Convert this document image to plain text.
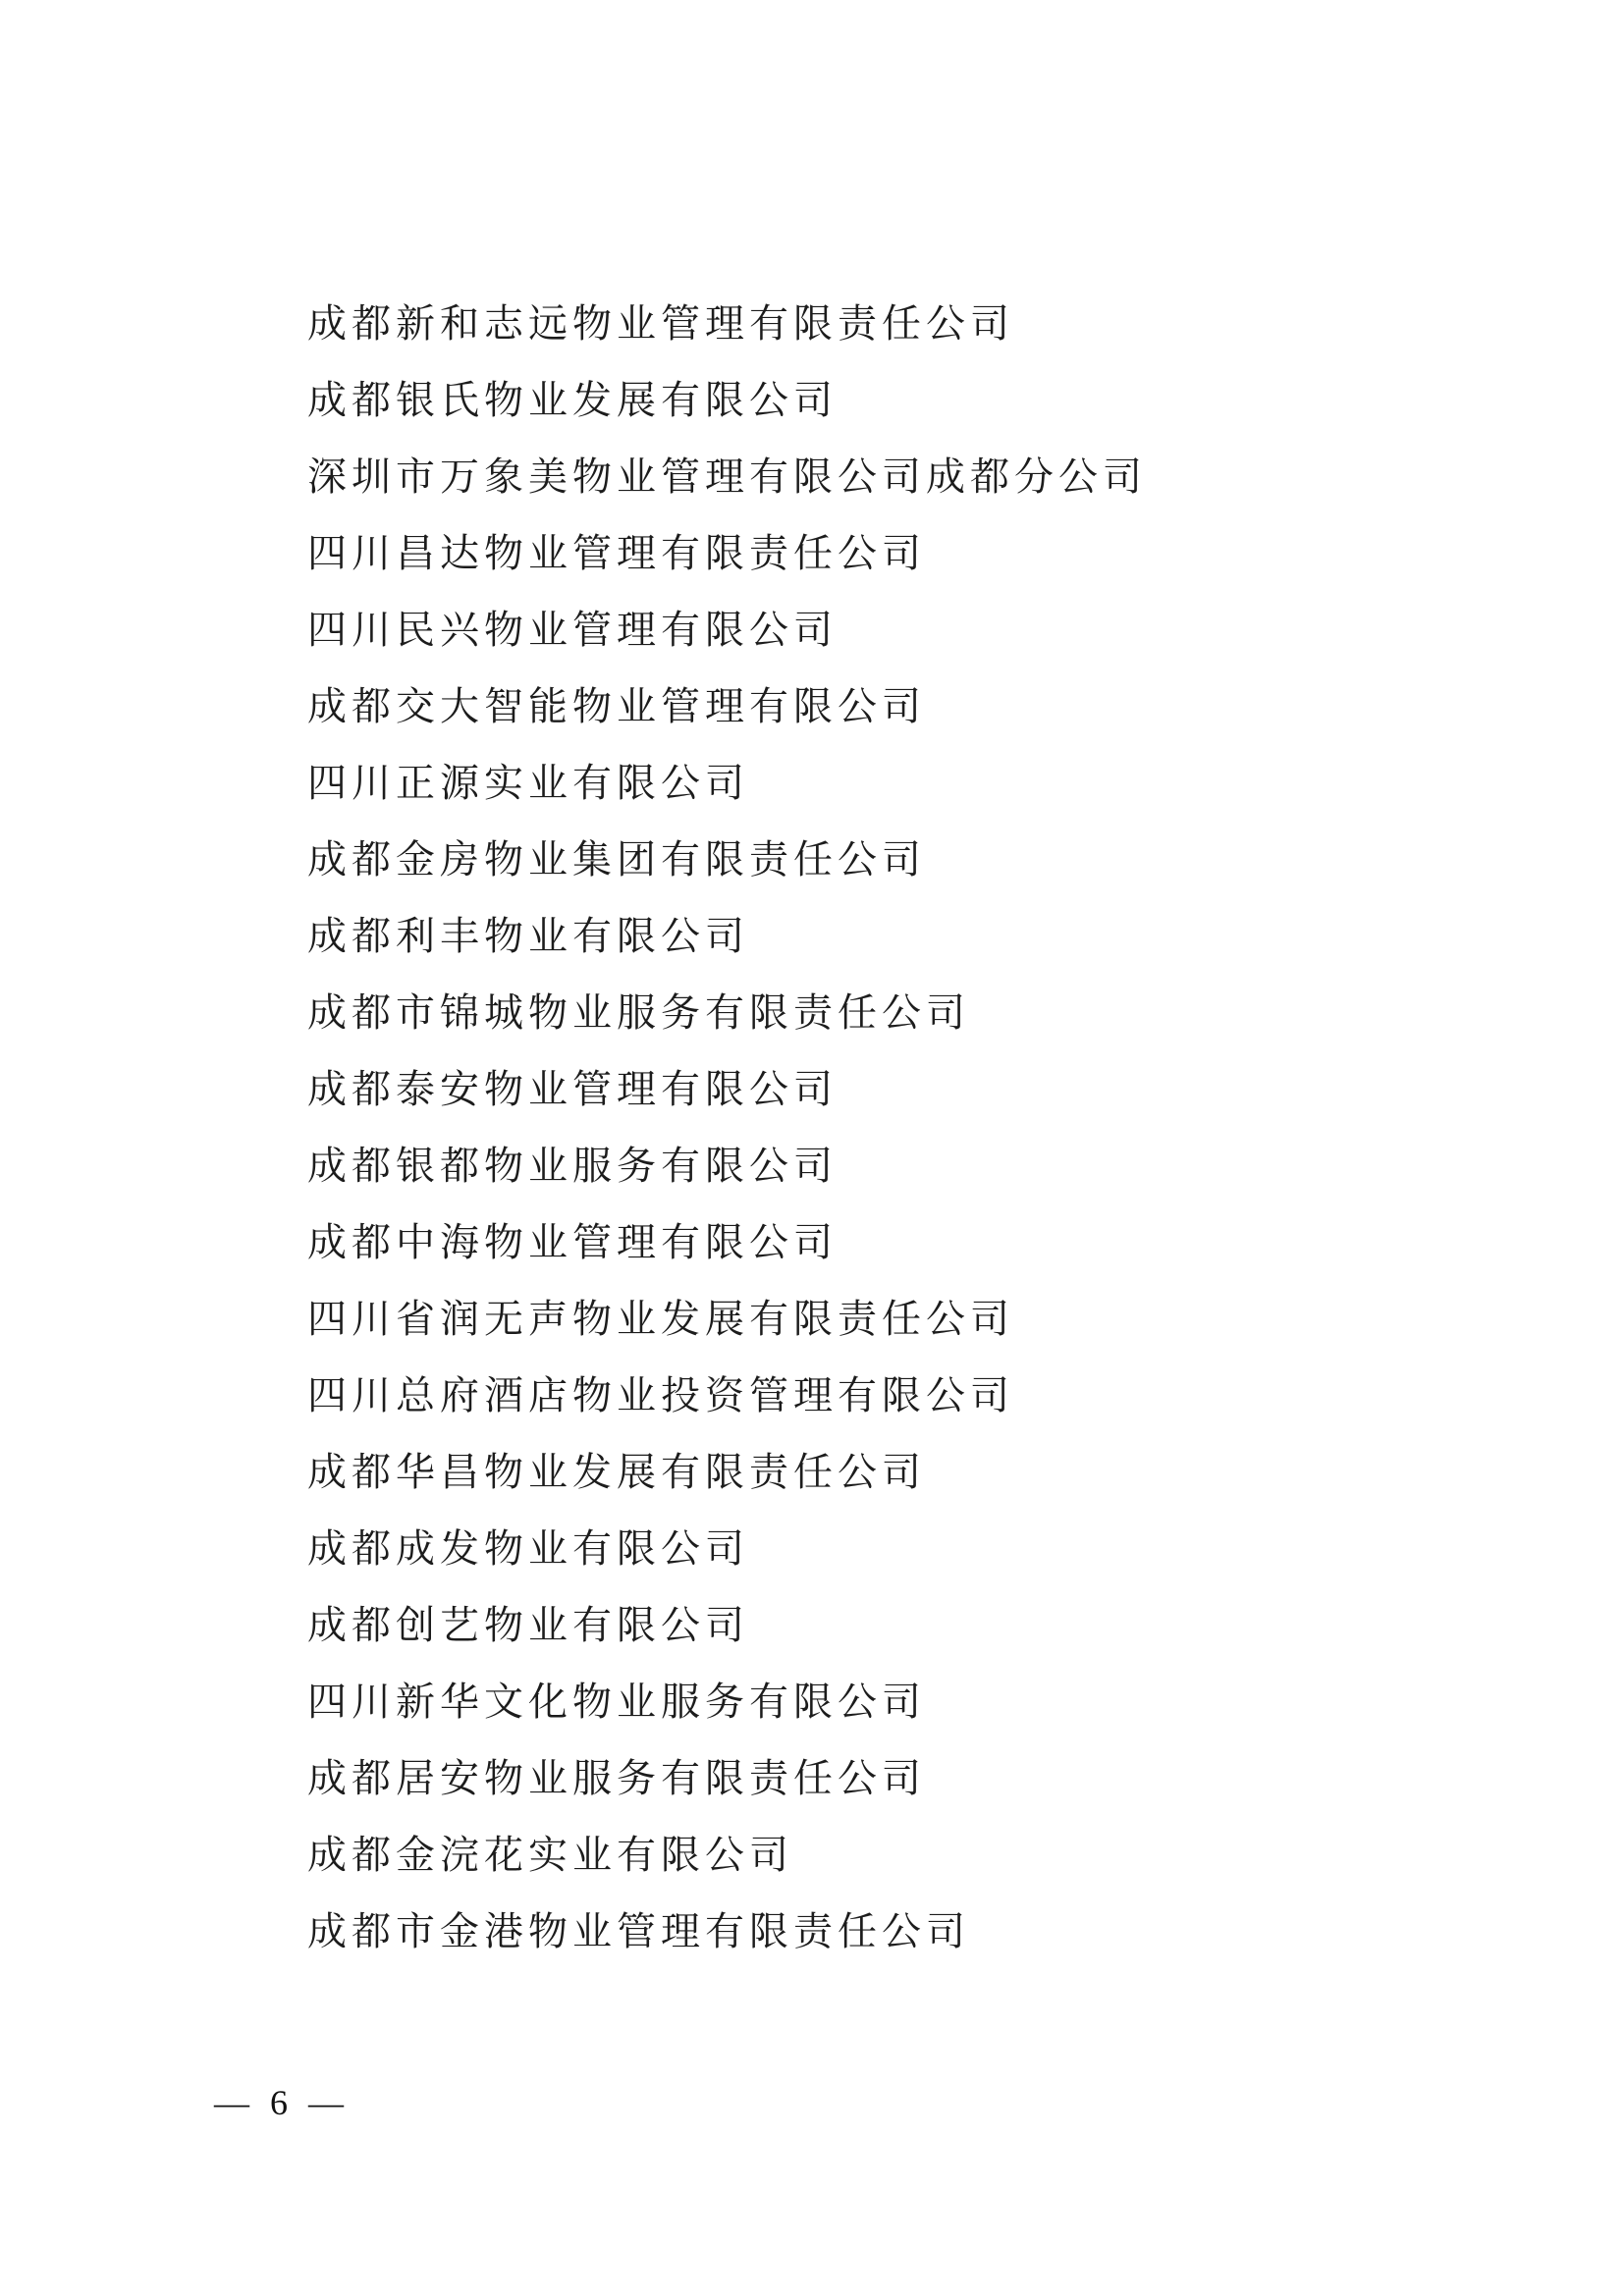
成都新和志远物业管理有限责任公司
成都银氏物业发展有限公司
深圳市万象美物业管理有限公司成都分公司
四川昌达物业管理有限责任公司
四川民兴物业管理有限公司
成都交大智能物业管理有限公司
四川正源实业有限公司
成都金房物业集团有限责任公司
成都利丰物业有限公司
成都市锦城物业服务有限责任公司
成都泰安物业管理有限公司
成都银都物业服务有限公司
成都中海物业管理有限公司
四川省润无声物业发展有限责任公司
四川总府酒店物业投资管理有限公司
成都华昌物业发展有限责任公司
成都成发物业有限公司
成都创艺物业有限公司
四川新华文化物业服务有限公司
成都居安物业服务有限责任公司
成都金浣花实业有限公司
成都市金港物业管理有限责任公司
— 6 —
